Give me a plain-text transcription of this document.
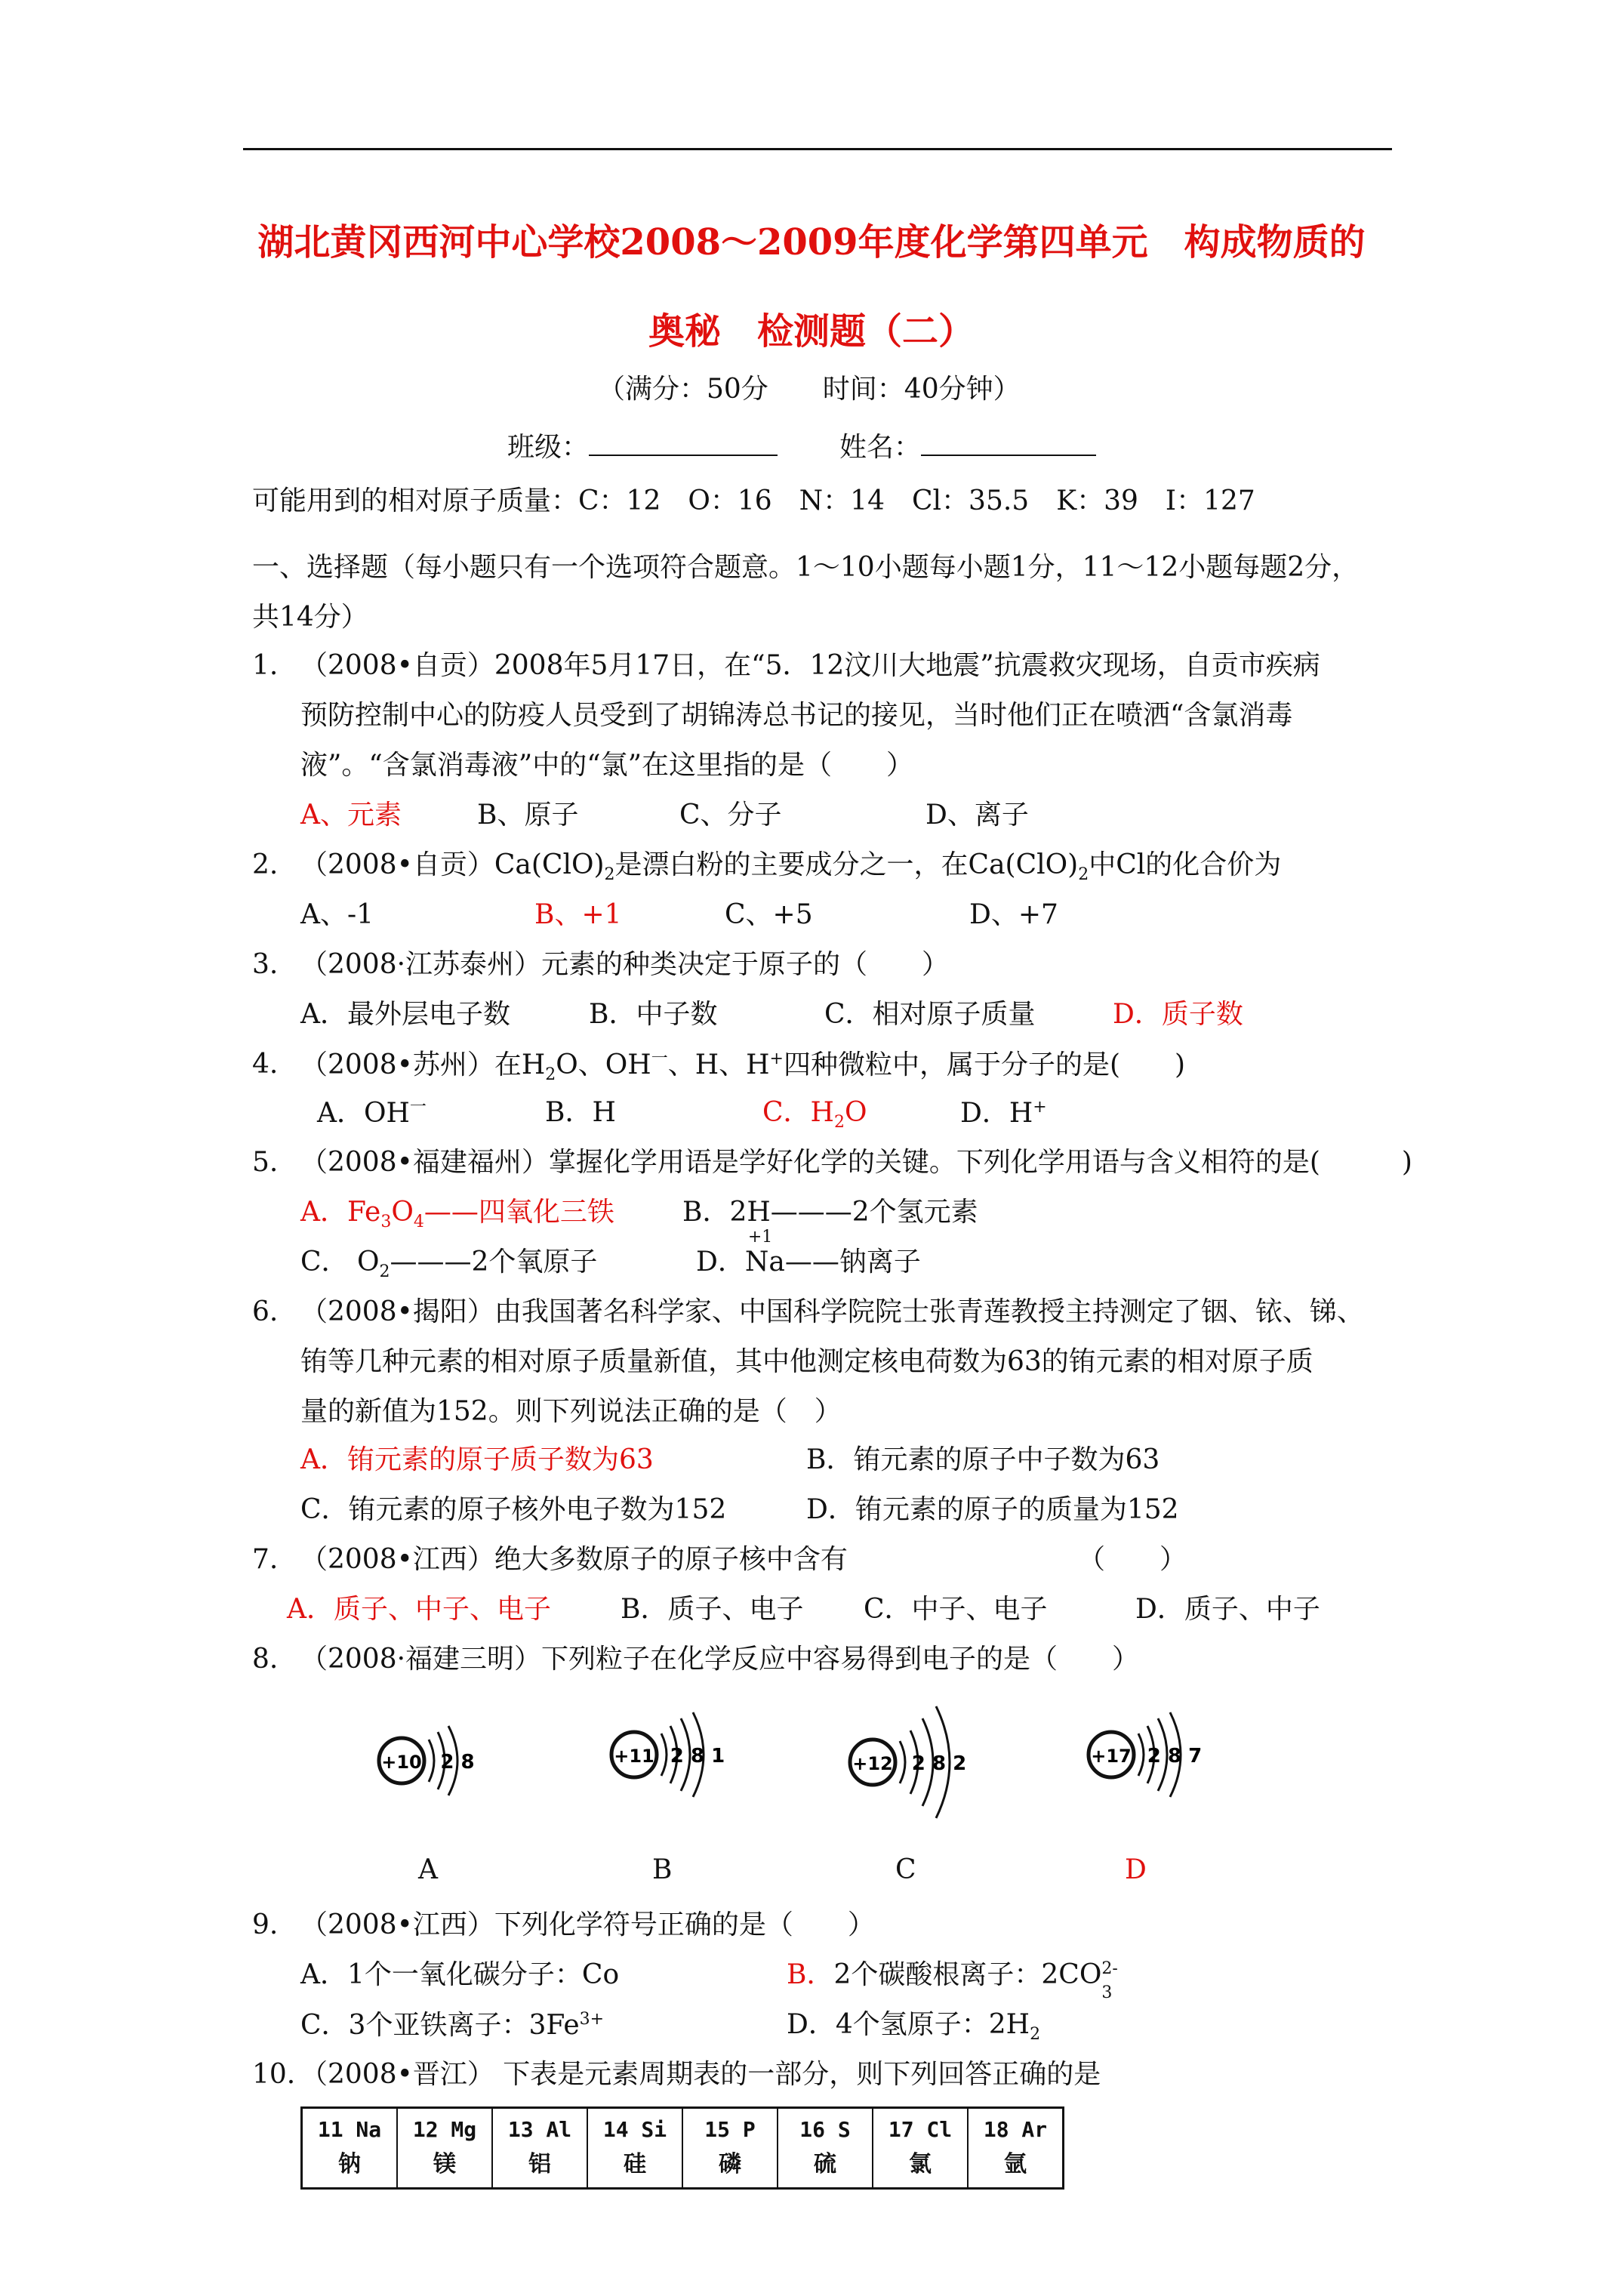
湖北黄冈西河中心学校2008～2009年度化学第四单元　构成物质的
奥秘　检测题（二）
（满分：50分　　时间：40分钟）
班级：	姓名：
可能用到的相对原子质量：C：12　O：16　N：14　Cl：35.5　K：39　I：127
一、选择题（每小题只有一个选项符合题意。1～10小题每小题1分，11～12小题每题2分，
共14分）
1. （2008•自贡）2008年5月17日，在“5．12汶川大地震”抗震救灾现场，自贡市疾病
预防控制中心的防疫人员受到了胡锦涛总书记的接见，当时他们正在喷洒“含氯消毒
液”。“含氯消毒液”中的“氯”在这里指的是（　　）
A、元素	B、原子	C、分子	D、离子
2. （2008•自贡）$Ca(ClO)_2$是漂白粉的主要成分之一，在$Ca(ClO)_2$中Cl的化合价为
A、-1	B、+1	C、+5	D、+7
3. （2008·江苏泰州）元素的种类决定于原子的（　　）
A．最外层电子数	B．中子数	C．相对原子质量	D．质子数
4. （2008•苏州）在$H_2O$、$OH^一$、H、H+四种微粒中，属于分子的是(　　)
A．$OH^一$	B．H	C．$H_2O$	D．H+
5. （2008•福建福州）掌握化学用语是学好化学的关键。下列化学用语与含义相符的是(　　　)
A．$Fe_3O_4——$四氧化三铁	B．2H———2个氢元素
C． $O_2———2$个氧原子	D．
+1
Na——钠离子
6. （2008•揭阳）由我国著名科学家、中国科学院院士张青莲教授主持测定了铟、铱、锑、
铕等几种元素的相对原子质量新值，其中他测定核电荷数为63的铕元素的相对原子质
量的新值为152。则下列说法正确的是（　）
A．铕元素的原子质子数为63	B．铕元素的原子中子数为63
C．铕元素的原子核外电子数为152	D．铕元素的原子的质量为152
7. （2008•江西）绝大多数原子的原子核中含有	（　　）
A．质子、中子、电子	B．质子、电子 C．中子、电子	D．质子、中子
8. （2008·福建三明）下列粒子在化学反应中容易得到电子的是（　　）
+10 2 8
A
+11 2 8 1
B
+12 2 8 2
C
+17 2 8 7
D
9. （2008•江西）下列化学符号正确的是（　　）
A．1个一氧化碳分子：Co	B．2个碳酸根离子：2CO 2-
3
C．3个亚铁离子：$3Fe^{3+}$	D．4个氢原子：$2H_2$
10. （2008•晋江） 下表是元素周期表的一部分，则下列回答正确的是
11 Na
钠

12 Mg
镁

13 Al
铝

14 Si
硅

15 P
磷

16 S
硫

17 Cl
氯

18 Ar
氩
